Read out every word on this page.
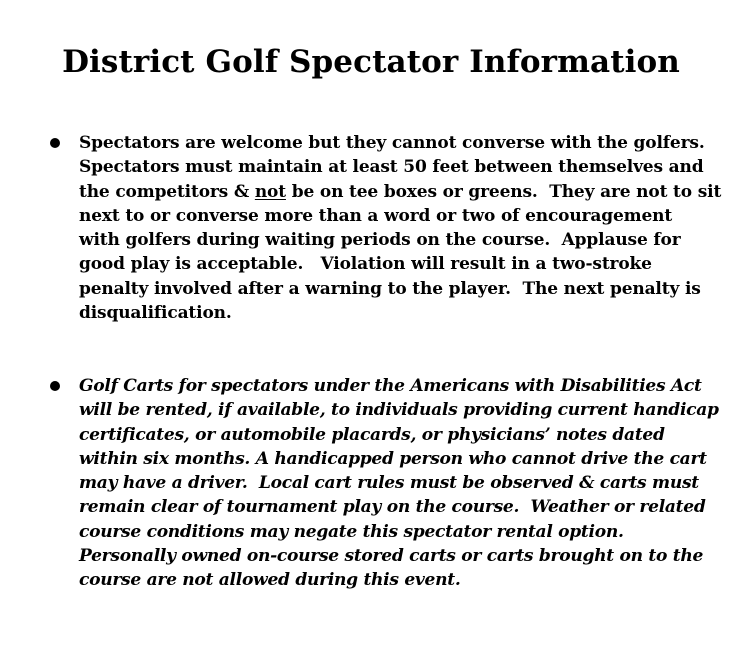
District Golf Spectator Information
Spectators are welcome but they cannot converse with the golfers.
Spectators must maintain at least 50 feet between themselves and
the competitors & not be on tee boxes or greens.  They are not to sit
next to or converse more than a word or two of encouragement
with golfers during waiting periods on the course.  Applause for
good play is acceptable.   Violation will result in a two-stroke
penalty involved after a warning to the player.  The next penalty is
disqualification.
Golf Carts for spectators under the Americans with Disabilities Act
will be rented, if available, to individuals providing current handicap
certificates, or automobile placards, or physicians’ notes dated
within six months. A handicapped person who cannot drive the cart
may have a driver.  Local cart rules must be observed & carts must
remain clear of tournament play on the course.  Weather or related
course conditions may negate this spectator rental option.
Personally owned on-course stored carts or carts brought on to the
course are not allowed during this event.
